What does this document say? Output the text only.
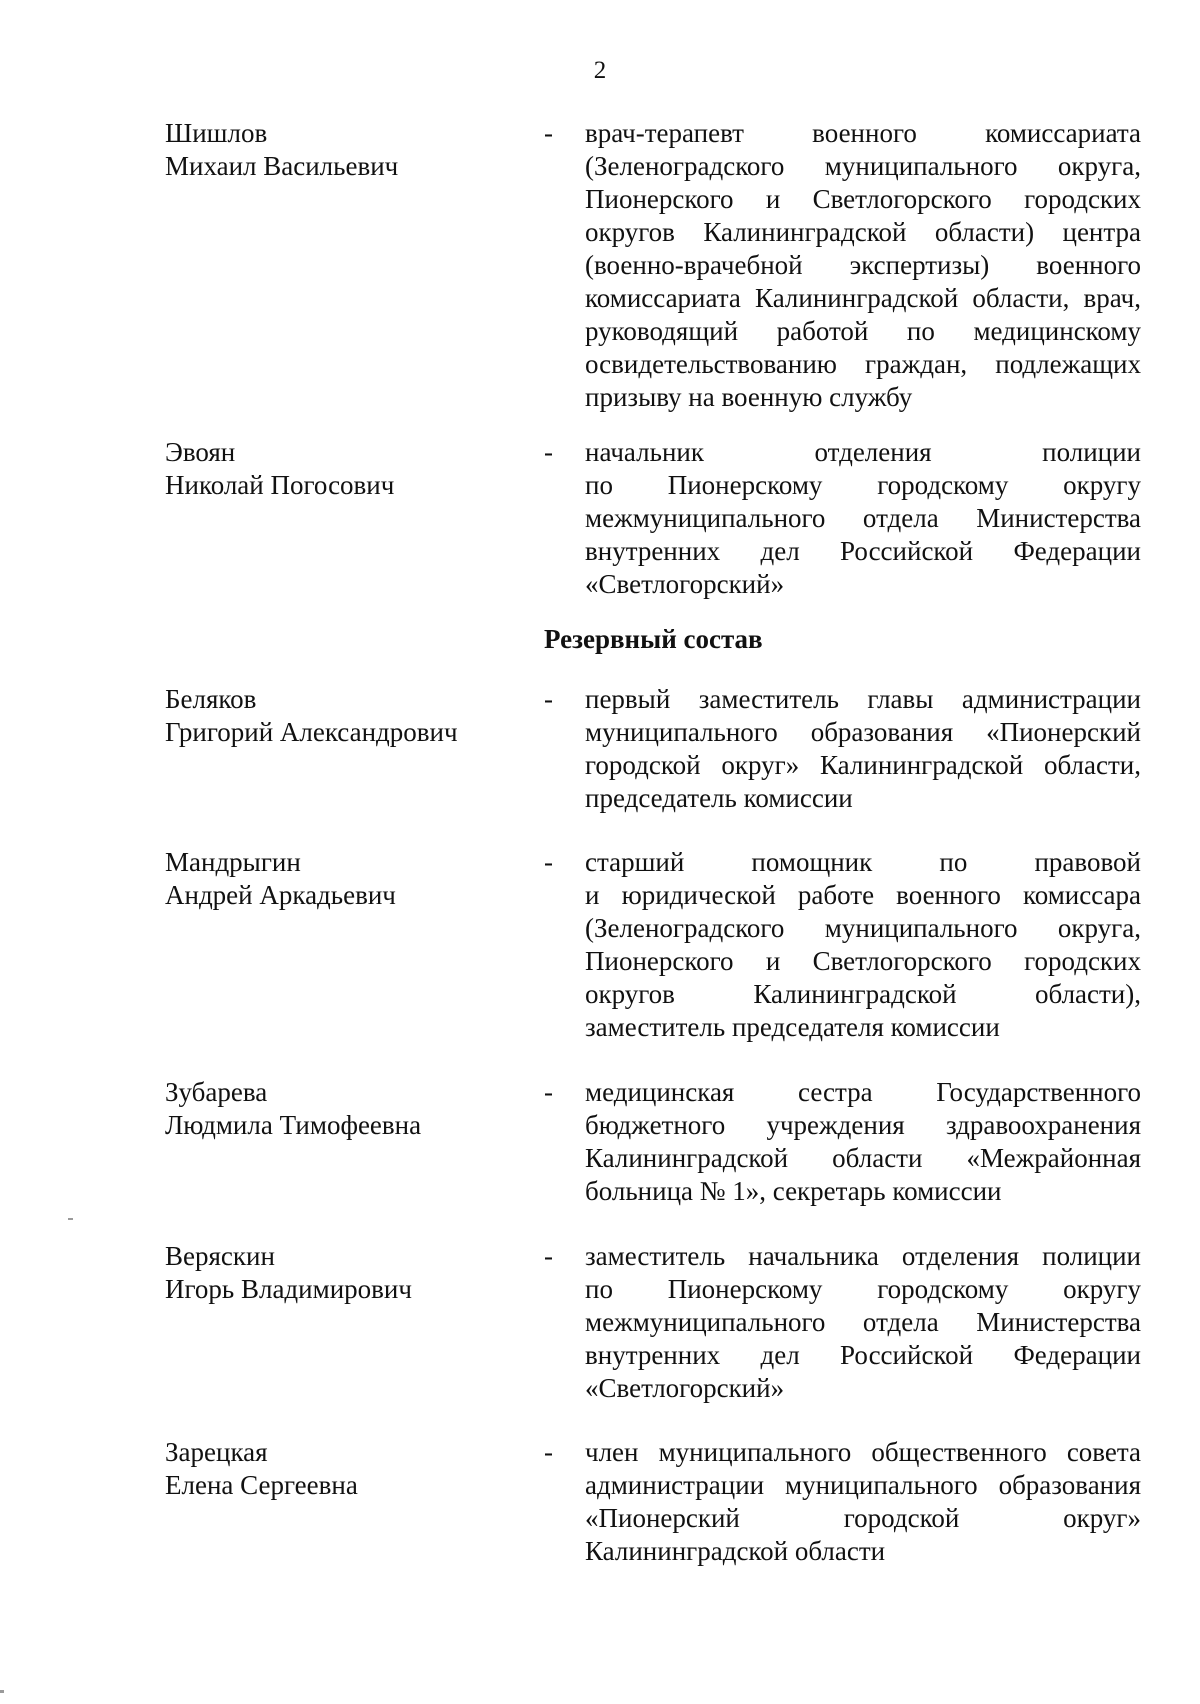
2
Шишлов
Михаил Васильевич
- врач-терапевт военного комиссариата
(Зеленоградского муниципального округа,
Пионерского и Светлогорского городских
округов Калининградской области) центра
(военно-врачебной экспертизы) военного
комиссариата Калининградской области, врач,
руководящий работой по медицинскому
освидетельствованию граждан, подлежащих
призыву на военную службу
Эвоян
Николай Погосович
- начальник отделения полиции
по Пионерскому городскому округу
межмуниципального отдела Министерства
внутренних дел Российской Федерации
«Светлогорский»
Резервный состав
Беляков
Григорий Александрович
- первый заместитель главы администрации
муниципального образования «Пионерский
городской округ» Калининградской области,
председатель комиссии
Мандрыгин
Андрей Аркадьевич
- старший помощник по правовой
и юридической работе военного комиссара
(Зеленоградского муниципального округа,
Пионерского и Светлогорского городских
округов Калининградской области),
заместитель председателя комиссии
Зубарева
Людмила Тимофеевна
- медицинская сестра Государственного
бюджетного учреждения здравоохранения
Калининградской области «Межрайонная
больница № 1», секретарь комиссии
Веряскин
Игорь Владимирович
- заместитель начальника отделения полиции
по Пионерскому городскому округу
межмуниципального отдела Министерства
внутренних дел Российской Федерации
«Светлогорский»
Зарецкая
Елена Сергеевна
- член муниципального общественного совета
администрации муниципального образования
«Пионерский городской округ»
Калининградской области
